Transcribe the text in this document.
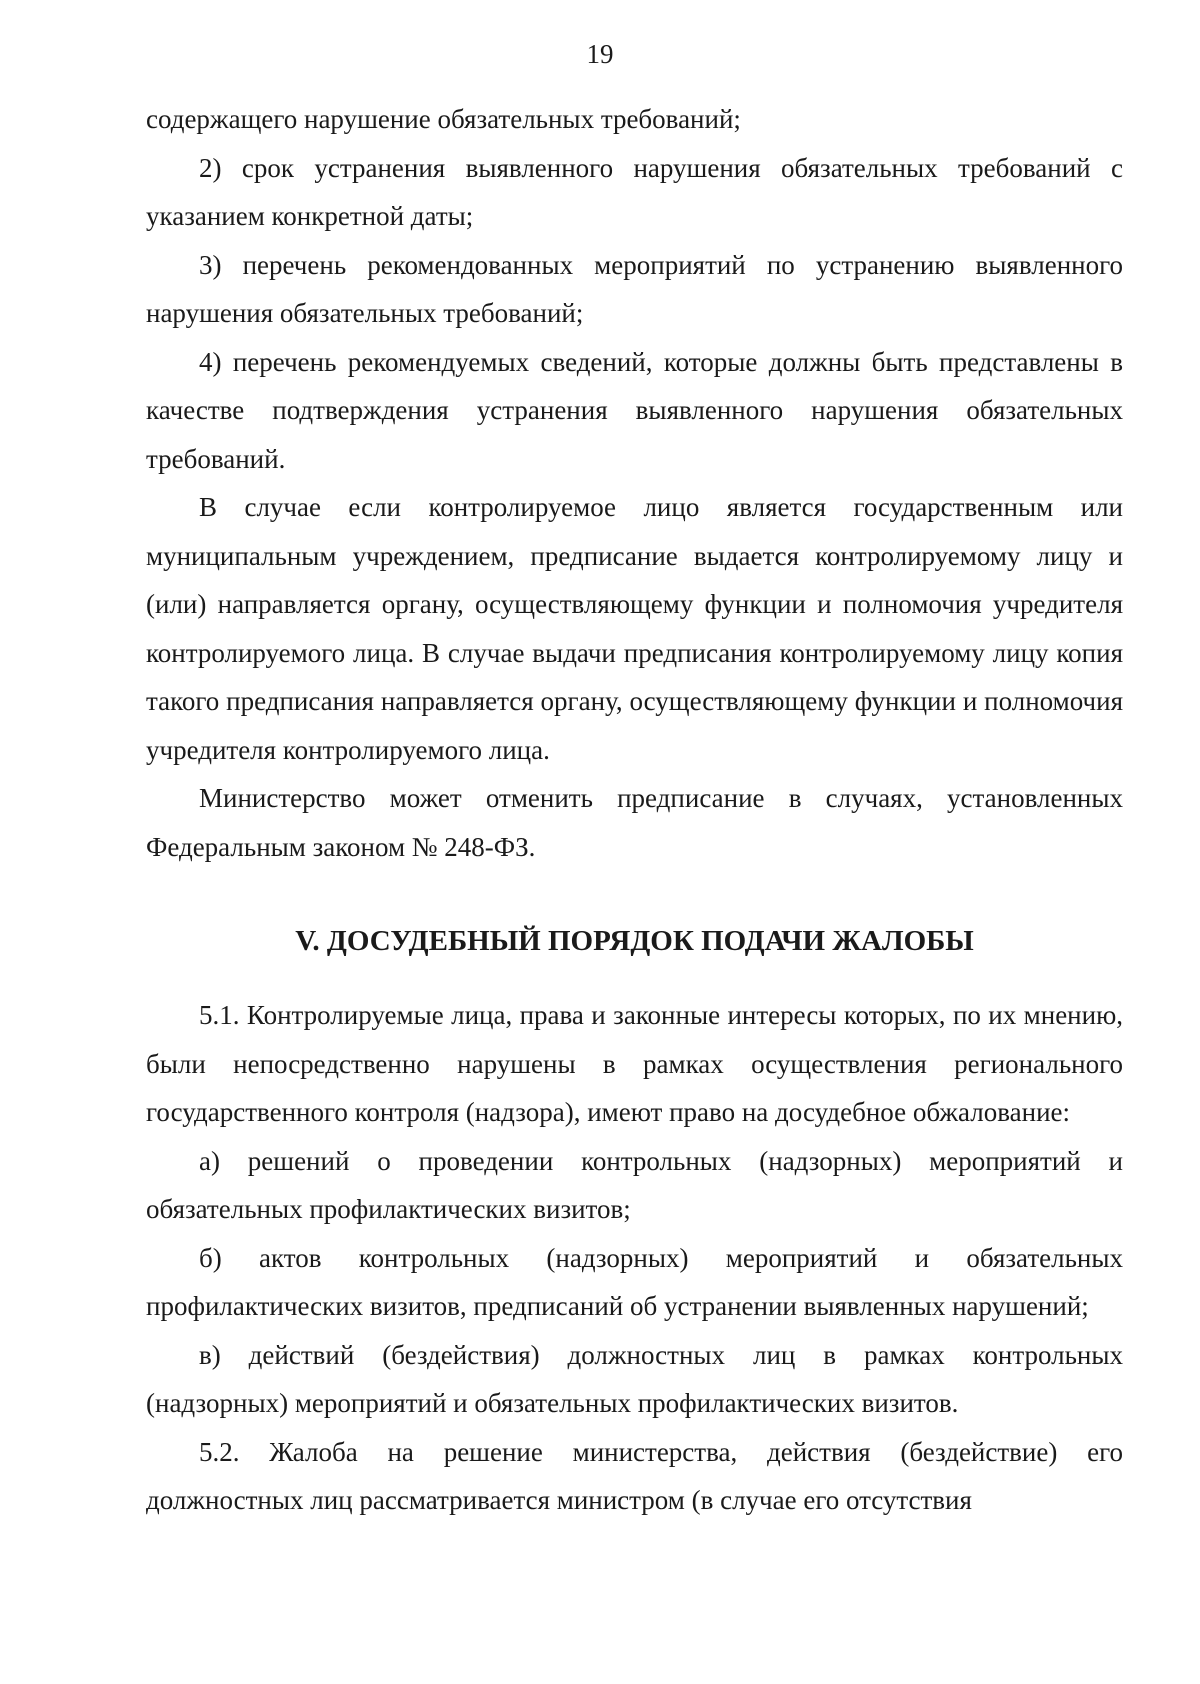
19

содержащего нарушение обязательных требований;

2) срок устранения выявленного нарушения обязательных требований с указанием конкретной даты;

3) перечень рекомендованных мероприятий по устранению выявленного нарушения обязательных требований;

4) перечень рекомендуемых сведений, которые должны быть представлены в качестве подтверждения устранения выявленного нарушения обязательных требований.

В случае если контролируемое лицо является государственным или муниципальным учреждением, предписание выдается контролируемому лицу и (или) направляется органу, осуществляющему функции и полномочия учредителя контролируемого лица. В случае выдачи предписания контролируемому лицу копия такого предписания направляется органу, осуществляющему функции и полномочия учредителя контролируемого лица.

Министерство может отменить предписание в случаях, установленных Федеральным законом № 248-ФЗ.

V. ДОСУДЕБНЫЙ ПОРЯДОК ПОДАЧИ ЖАЛОБЫ

5.1. Контролируемые лица, права и законные интересы которых, по их мнению, были непосредственно нарушены в рамках осуществления регионального государственного контроля (надзора), имеют право на досудебное обжалование:

а) решений о проведении контрольных (надзорных) мероприятий и обязательных профилактических визитов;

б) актов контрольных (надзорных) мероприятий и обязательных профилактических визитов, предписаний об устранении выявленных нарушений;

в) действий (бездействия) должностных лиц в рамках контрольных (надзорных) мероприятий и обязательных профилактических визитов.

5.2. Жалоба на решение министерства, действия (бездействие) его должностных лиц рассматривается министром (в случае его отсутствия
